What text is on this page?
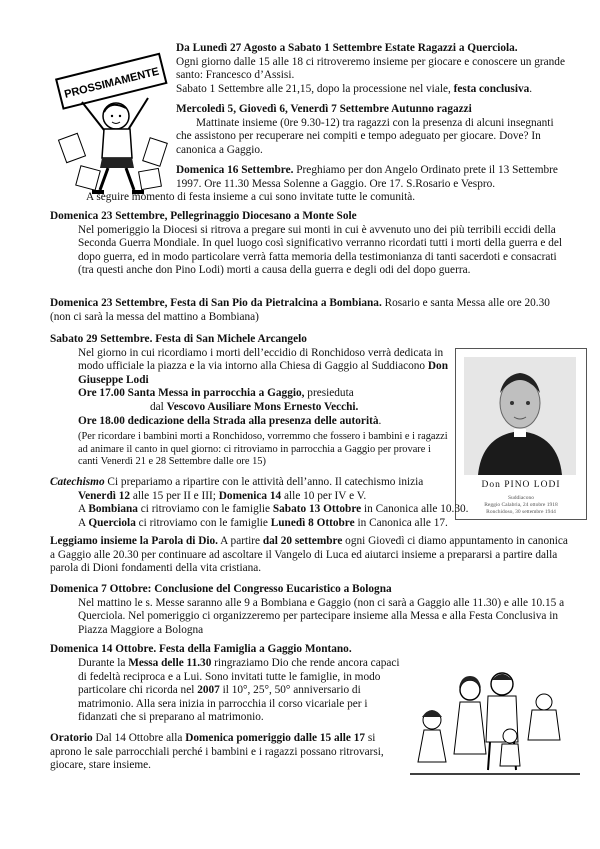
PROSSIMAMENTE

Da Lunedì 27 Agosto a Sabato 1 Settembre Estate Ragazzi a Querciola.

Ogni giorno dalle 15 alle 18 ci ritroveremo insieme per giocare e conoscere un grande santo: Francesco d’Assisi.

Sabato 1 Settembre alle 21,15, dopo la processione nel viale, festa conclusiva.

Mercoledì 5, Giovedì 6, Venerdì 7 Settembre Autunno ragazzi

Mattinate insieme (0re 9.30-12) tra ragazzi con la presenza di alcuni insegnanti che assistono per recuperare nei compiti e tempo adeguato per giocare. Dove? In canonica a Gaggio.

Domenica 16 Settembre. Preghiamo per don Angelo Ordinato prete il 13 Settembre 1997. Ore 11.30 Messa Solenne a Gaggio. Ore 17. S.Rosario e Vespro.

A seguire momento di festa insieme a cui sono invitate tutte le comunità.

Domenica 23 Settembre, Pellegrinaggio Diocesano a Monte Sole

Nel pomeriggio la Diocesi si ritrova a pregare sui monti in cui è avvenuto uno dei più terribili eccidi della Seconda Guerra Mondiale. In quel luogo così significativo verranno ricordati tutti i morti della guerra e del dopo guerra, ed in modo particolare verrà fatta memoria della testimonianza di tanti sacerdoti e consacrati (tra questi anche don Pino Lodi) morti a causa della guerra e degli odi del dopo guerra.

Domenica 23 Settembre, Festa di San Pio da Pietralcina a Bombiana. Rosario e santa Messa alle ore 20.30 (non ci sarà la messa del mattino a Bombiana)

Sabato 29 Settembre. Festa di San Michele Arcangelo

Nel giorno in cui ricordiamo i morti dell’eccidio di Ronchidoso verrà dedicata in modo ufficiale la piazza e la via intorno alla Chiesa di Gaggio al Suddiacono Don Giuseppe Lodi

Ore 17.00 Santa Messa in parrocchia a Gaggio, presieduta

dal Vescovo Ausiliare Mons Ernesto Vecchi.

Ore 18.00 dedicazione della Strada alla presenza delle autorità.

(Per ricordare i bambini morti a Ronchidoso, vorremmo che fossero i bambini e i ragazzi ad animare il canto in quel giorno: ci ritroviamo in parrocchia a Gaggio per provare i canti Venerdì 21 e 28 Settembre dalle ore 15)

Don PINO LODI
Suddiacono
Reggio Calabria, 24 ottobre 1918
Ronchidoso, 30 settembre 1944

Catechismo Ci prepariamo a ripartire con le attività dell’anno. Il catechismo inizia

Venerdì 12 alle 15 per II e III; Domenica 14 alle 10 per IV e V.

A Bombiana ci ritroviamo con le famiglie Sabato 13 Ottobre in Canonica alle 10.30.

A Querciola ci ritroviamo con le famiglie Lunedì 8 Ottobre in Canonica alle 17.

Leggiamo insieme la Parola di Dio. A partire dal 20 settembre ogni Giovedì ci diamo appuntamento in canonica a Gaggio alle 20.30 per continuare ad ascoltare il Vangelo di Luca ed aiutarci insieme a prepararsi a partire dalla parola di Dioni fondamenti della vita cristiana.

Domenica 7 Ottobre: Conclusione del Congresso Eucaristico a Bologna

Nel mattino le s. Messe saranno alle 9 a Bombiana e Gaggio (non ci sarà a Gaggio alle 11.30) e alle 10.15 a Querciola. Nel pomeriggio ci organizzeremo per partecipare insieme alla Messa e alla Festa Conclusiva in Piazza Maggiore a Bologna

Domenica 14 Ottobre. Festa della Famiglia a Gaggio Montano.

Durante la Messa delle 11.30 ringraziamo Dio che rende ancora capaci di fedeltà reciproca e a Lui. Sono invitati tutte le famiglie, in modo particolare chi ricorda nel 2007 il 10°, 25°, 50° anniversario di matrimonio. Alla sera inizia in parrocchia il corso vicariale per i fidanzati che si preparano al matrimonio.

Oratorio Dal 14 Ottobre alla Domenica pomeriggio dalle 15 alle 17 si aprono le sale parrocchiali perché i bambini e i ragazzi possano ritrovarsi, giocare, stare insieme.
